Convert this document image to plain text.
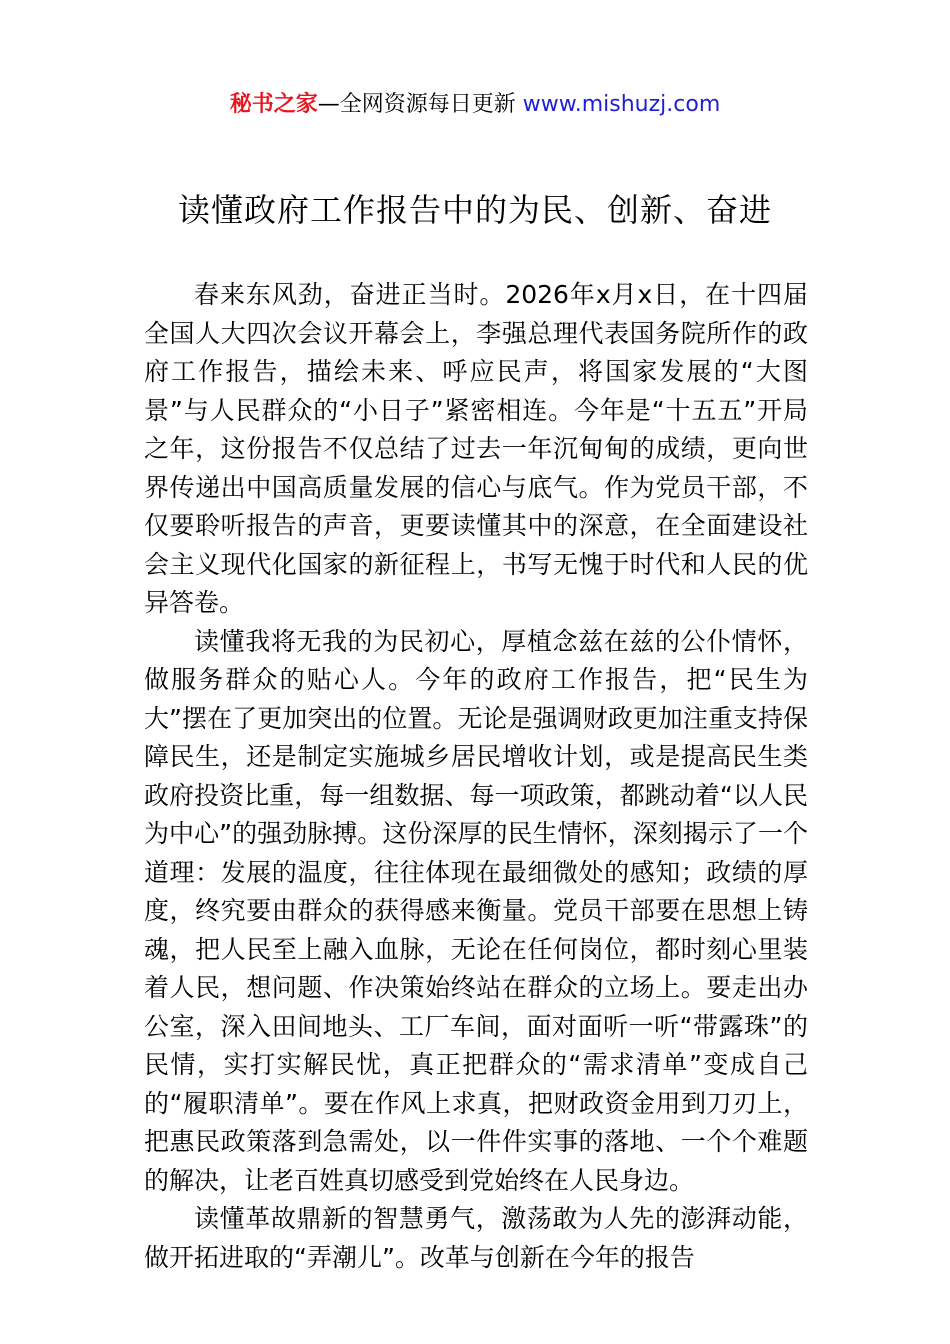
秘书之家—全网资源每日更新 www.mishuzj.com
读懂政府工作报告中的为民、创新、奋进

春来东风劲，奋进正当时。2026年x月x日，在十四届全国人大四次会议开幕会上，李强总理代表国务院所作的政府工作报告，描绘未来、呼应民声，将国家发展的“大图景”与人民群众的“小日子”紧密相连。今年是“十五五”开局之年，这份报告不仅总结了过去一年沉甸甸的成绩，更向世界传递出中国高质量发展的信心与底气。作为党员干部，不仅要聆听报告的声音，更要读懂其中的深意，在全面建设社会主义现代化国家的新征程上，书写无愧于时代和人民的优异答卷。

读懂我将无我的为民初心，厚植念兹在兹的公仆情怀，做服务群众的贴心人。今年的政府工作报告，把“民生为大”摆在了更加突出的位置。无论是强调财政更加注重支持保障民生，还是制定实施城乡居民增收计划，或是提高民生类政府投资比重，每一组数据、每一项政策，都跳动着“以人民为中心”的强劲脉搏。这份深厚的民生情怀，深刻揭示了一个道理：发展的温度，往往体现在最细微处的感知；政绩的厚度，终究要由群众的获得感来衡量。党员干部要在思想上铸魂，把人民至上融入血脉，无论在任何岗位，都时刻心里装着人民，想问题、作决策始终站在群众的立场上。要走出办公室，深入田间地头、工厂车间，面对面听一听“带露珠”的民情，实打实解民忧，真正把群众的“需求清单”变成自己的“履职清单”。要在作风上求真，把财政资金用到刀刃上，把惠民政策落到急需处，以一件件实事的落地、一个个难题的解决，让老百姓真切感受到党始终在人民身边。

读懂革故鼎新的智慧勇气，激荡敢为人先的澎湃动能，做开拓进取的“弄潮儿”。改革与创新在今年的报告
